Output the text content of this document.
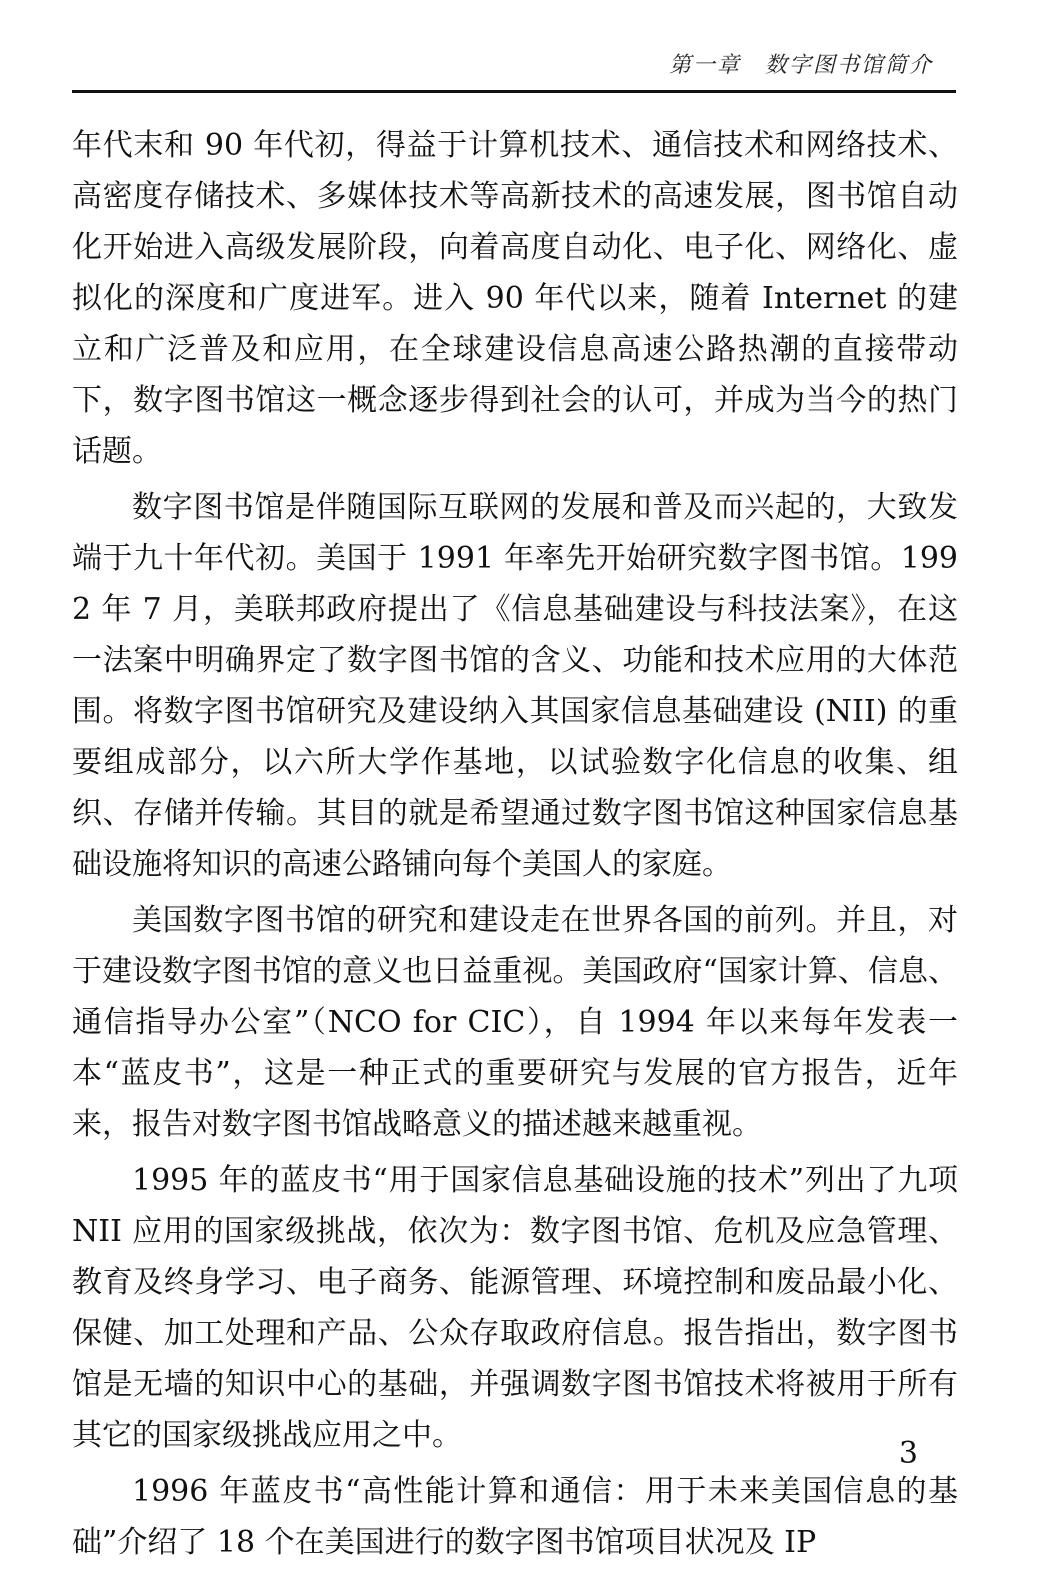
第一章　数字图书馆简介

年代末和 90 年代初，得益于计算机技术、通信技术和网络技术、高密度存储技术、多媒体技术等高新技术的高速发展，图书馆自动化开始进入高级发展阶段，向着高度自动化、电子化、网络化、虚拟化的深度和广度进军。进入 90 年代以来，随着 Internet 的建立和广泛普及和应用，在全球建设信息高速公路热潮的直接带动下，数字图书馆这一概念逐步得到社会的认可，并成为当今的热门话题。

数字图书馆是伴随国际互联网的发展和普及而兴起的，大致发端于九十年代初。美国于 1991 年率先开始研究数字图书馆。1992 年 7 月，美联邦政府提出了《信息基础建设与科技法案》，在这一法案中明确界定了数字图书馆的含义、功能和技术应用的大体范围。将数字图书馆研究及建设纳入其国家信息基础建设 (NII) 的重要组成部分，以六所大学作基地，以试验数字化信息的收集、组织、存储并传输。其目的就是希望通过数字图书馆这种国家信息基础设施将知识的高速公路铺向每个美国人的家庭。

美国数字图书馆的研究和建设走在世界各国的前列。并且，对于建设数字图书馆的意义也日益重视。美国政府“国家计算、信息、通信指导办公室”（NCO for CIC），自 1994 年以来每年发表一本“蓝皮书”，这是一种正式的重要研究与发展的官方报告，近年来，报告对数字图书馆战略意义的描述越来越重视。

1995 年的蓝皮书“用于国家信息基础设施的技术”列出了九项 NII 应用的国家级挑战，依次为：数字图书馆、危机及应急管理、教育及终身学习、电子商务、能源管理、环境控制和废品最小化、保健、加工处理和产品、公众存取政府信息。报告指出，数字图书馆是无墙的知识中心的基础，并强调数字图书馆技术将被用于所有其它的国家级挑战应用之中。

1996 年蓝皮书“高性能计算和通信：用于未来美国信息的基础”介绍了 18 个在美国进行的数字图书馆项目状况及 IP

3
